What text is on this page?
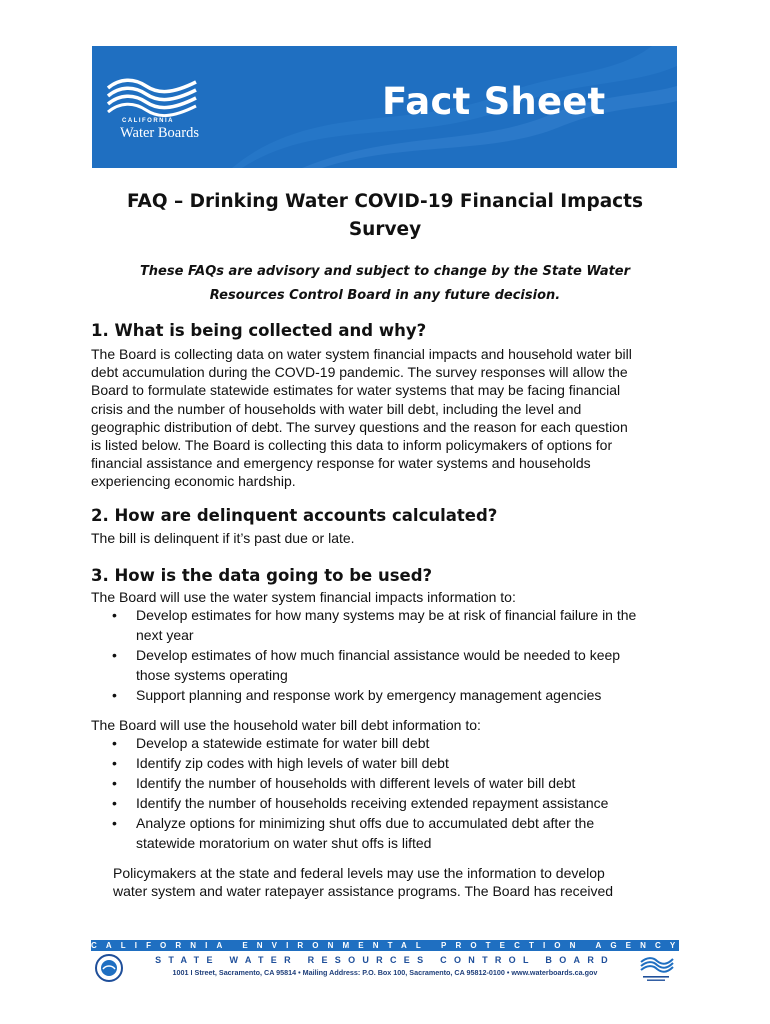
CALIFORNIA
Water Boards
Fact Sheet
FAQ – Drinking Water COVID-19 Financial Impacts
Survey
These FAQs are advisory and subject to change by the State Water
Resources Control Board in any future decision.
1. What is being collected and why?

The Board is collecting data on water system financial impacts and household water bill

debt accumulation during the COVD-19 pandemic. The survey responses will allow the

Board to formulate statewide estimates for water systems that may be facing financial

crisis and the number of households with water bill debt, including the level and

geographic distribution of debt. The survey questions and the reason for each question

is listed below. The Board is collecting this data to inform policymakers of options for

financial assistance and emergency response for water systems and households

experiencing economic hardship.

2. How are delinquent accounts calculated?

The bill is delinquent if it’s past due or late.

3. How is the data going to be used?

The Board will use the water system financial impacts information to:

• Develop estimates for how many systems may be at risk of financial failure in the
next year
• Develop estimates of how much financial assistance would be needed to keep
those systems operating
• Support planning and response work by emergency management agencies

The Board will use the household water bill debt information to:

• Develop a statewide estimate for water bill debt
• Identify zip codes with high levels of water bill debt
• Identify the number of households with different levels of water bill debt
• Identify the number of households receiving extended repayment assistance
• Analyze options for minimizing shut offs due to accumulated debt after the
statewide moratorium on water shut offs is lifted

Policymakers at the state and federal levels may use the information to develop

water system and water ratepayer assistance programs. The Board has received

CALIFORNIA ENVIRONMENTAL PROTECTION AGENCY
STATE WATER RESOURCES CONTROL BOARD
1001 I Street, Sacramento, CA 95814 • Mailing Address: P.O. Box 100, Sacramento, CA 95812-0100 • www.waterboards.ca.gov
